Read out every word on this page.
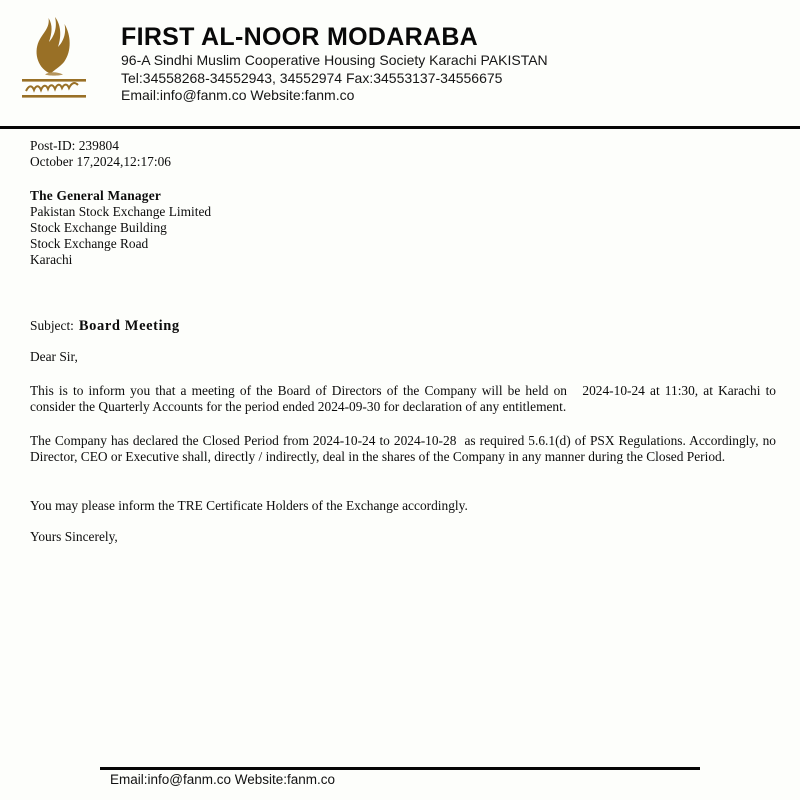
FIRST AL-NOOR MODARABA
96-A Sindhi Muslim Cooperative Housing Society Karachi PAKISTAN
Tel:34558268-34552943, 34552974 Fax:34553137-34556675
Email:info@fanm.co Website:fanm.co
Post-ID: 239804
October 17,2024,12:17:06
The General Manager
Pakistan Stock Exchange Limited
Stock Exchange Building
Stock Exchange Road
Karachi
Subject: Board Meeting
Dear Sir,
This is to inform you that a meeting of the Board of Directors of the Company will be held on   2024-10-24 at 11:30, at Karachi to consider the Quarterly Accounts for the period ended 2024-09-30 for declaration of any entitlement.
The Company has declared the Closed Period from 2024-10-24 to 2024-10-28  as required 5.6.1(d) of PSX Regulations. Accordingly, no Director, CEO or Executive shall, directly / indirectly, deal in the shares of the Company in any manner during the Closed Period.
You may please inform the TRE Certificate Holders of the Exchange accordingly.
Yours Sincerely,
Email:info@fanm.co Website:fanm.co
